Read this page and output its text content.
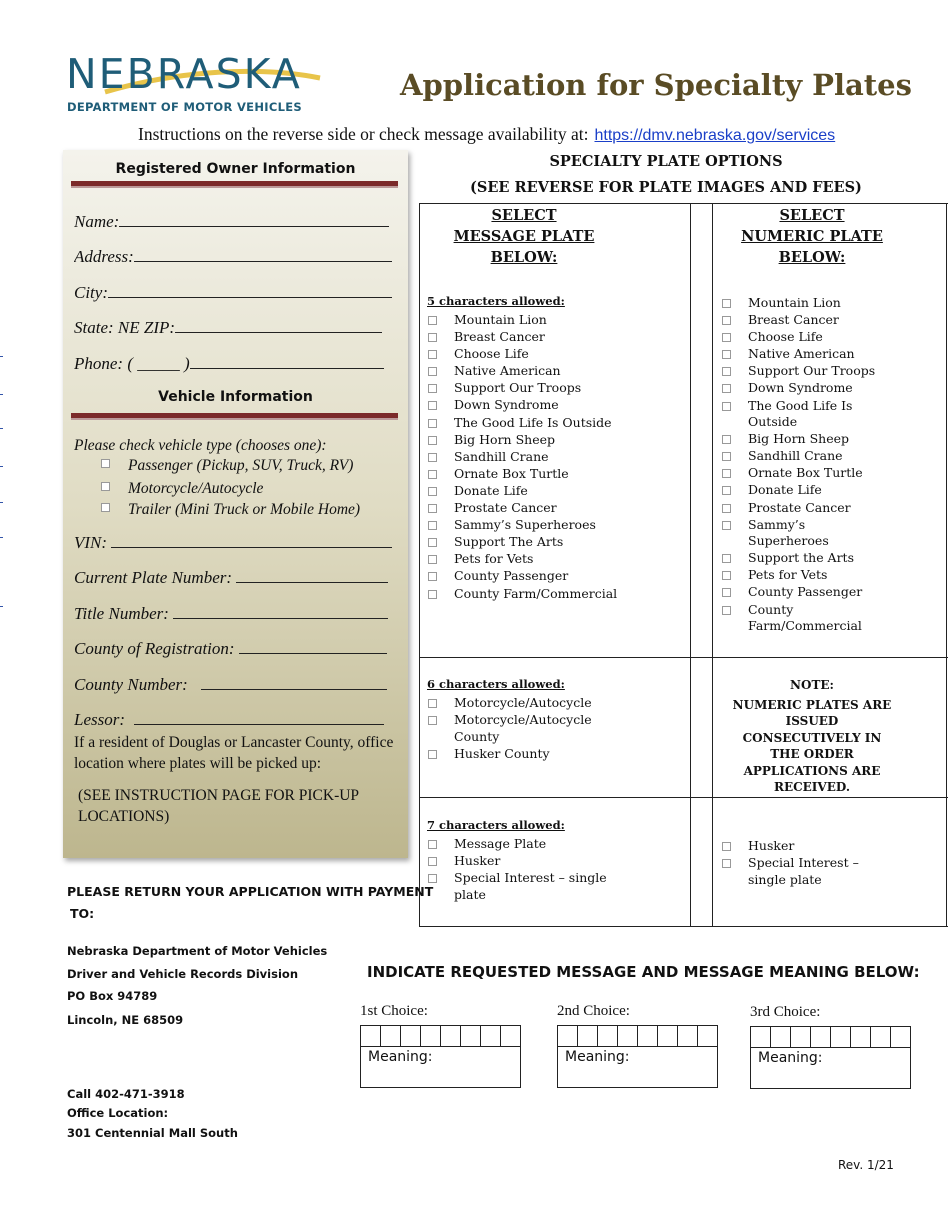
NEBRASKA
DEPARTMENT OF MOTOR VEHICLES
Application for Specialty Plates
Instructions on the reverse side or check message availability at: https://dmv.nebraska.gov/services
Registered Owner Information
Name:
Address:
City:
State: NE ZIP:
Phone: ( _____ )
Vehicle Information
Please check vehicle type (chooses one):
Passenger (Pickup, SUV, Truck, RV)
Motorcycle/Autocycle
Trailer (Mini Truck or Mobile Home)
VIN:
Current Plate Number:
Title Number:
County of Registration:
County Number:
Lessor:
If a resident of Douglas or Lancaster County, office location where plates will be picked up:
(SEE INSTRUCTION PAGE FOR PICK-UP LOCATIONS)
SPECIALTY PLATE OPTIONS
(SEE REVERSE FOR PLATE IMAGES AND FEES)
SELECT
MESSAGE PLATE
BELOW:
SELECT
NUMERIC PLATE
BELOW:
5 characters allowed:
Mountain Lion
Breast Cancer
Choose Life
Native American
Support Our Troops
Down Syndrome
The Good Life Is Outside
Big Horn Sheep
Sandhill Crane
Ornate Box Turtle
Donate Life
Prostate Cancer
Sammy’s Superheroes
Support The Arts
Pets for Vets
County Passenger
County Farm/Commercial
Mountain Lion
Breast Cancer
Choose Life
Native American
Support Our Troops
Down Syndrome
The Good Life Is
Outside
Big Horn Sheep
Sandhill Crane
Ornate Box Turtle
Donate Life
Prostate Cancer
Sammy’s
Superheroes
Support the Arts
Pets for Vets
County Passenger
County
Farm/Commercial
6 characters allowed:
Motorcycle/Autocycle
Motorcycle/Autocycle
County
Husker County
NOTE:
NUMERIC PLATES ARE
ISSUED
CONSECUTIVELY IN
THE ORDER
APPLICATIONS ARE
RECEIVED.
7 characters allowed:
Message Plate
Husker
Special Interest – single
plate
Husker
Special Interest –
single plate
PLEASE RETURN YOUR APPLICATION WITH PAYMENT
TO:
Nebraska Department of Motor Vehicles
Driver and Vehicle Records Division
PO Box 94789
Lincoln, NE 68509
Call 402-471-3918
Office Location:
301 Centennial Mall South
INDICATE REQUESTED MESSAGE AND MESSAGE MEANING BELOW:
1st Choice:
Meaning:
2nd Choice:
Meaning:
3rd Choice:
Meaning:
Rev. 1/21
